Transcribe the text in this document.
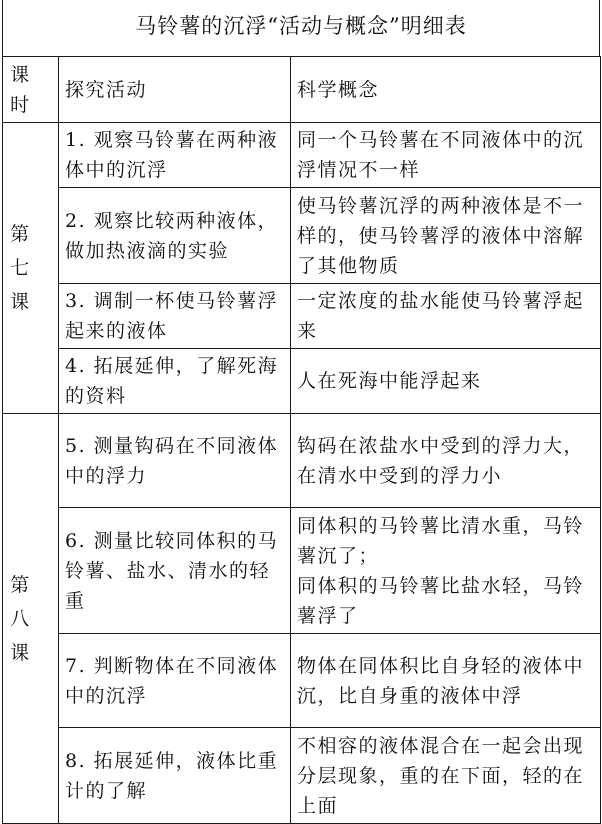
马铃薯的沉浮“活动与概念”明细表
课时	探究活动	科学概念
第七课	1. 观察马铃薯在两种液体中的沉浮	同一个马铃薯在不同液体中的沉浮情况不一样
	2. 观察比较两种液体，做加热液滴的实验	使马铃薯沉浮的两种液体是不一样的，使马铃薯浮的液体中溶解了其他物质
	3. 调制一杯使马铃薯浮起来的液体	一定浓度的盐水能使马铃薯浮起来
	4. 拓展延伸，了解死海的资料	人在死海中能浮起来
第八课	5. 测量钩码在不同液体中的浮力	钩码在浓盐水中受到的浮力大，在清水中受到的浮力小
	6. 测量比较同体积的马铃薯、盐水、清水的轻重	同体积的马铃薯比清水重，马铃薯沉了；
同体积的马铃薯比盐水轻，马铃薯浮了

	7. 判断物体在不同液体中的沉浮	物体在同体积比自身轻的液体中沉，比自身重的液体中浮
	8. 拓展延伸，液体比重计的了解	不相容的液体混合在一起会出现分层现象，重的在下面，轻的在上面
